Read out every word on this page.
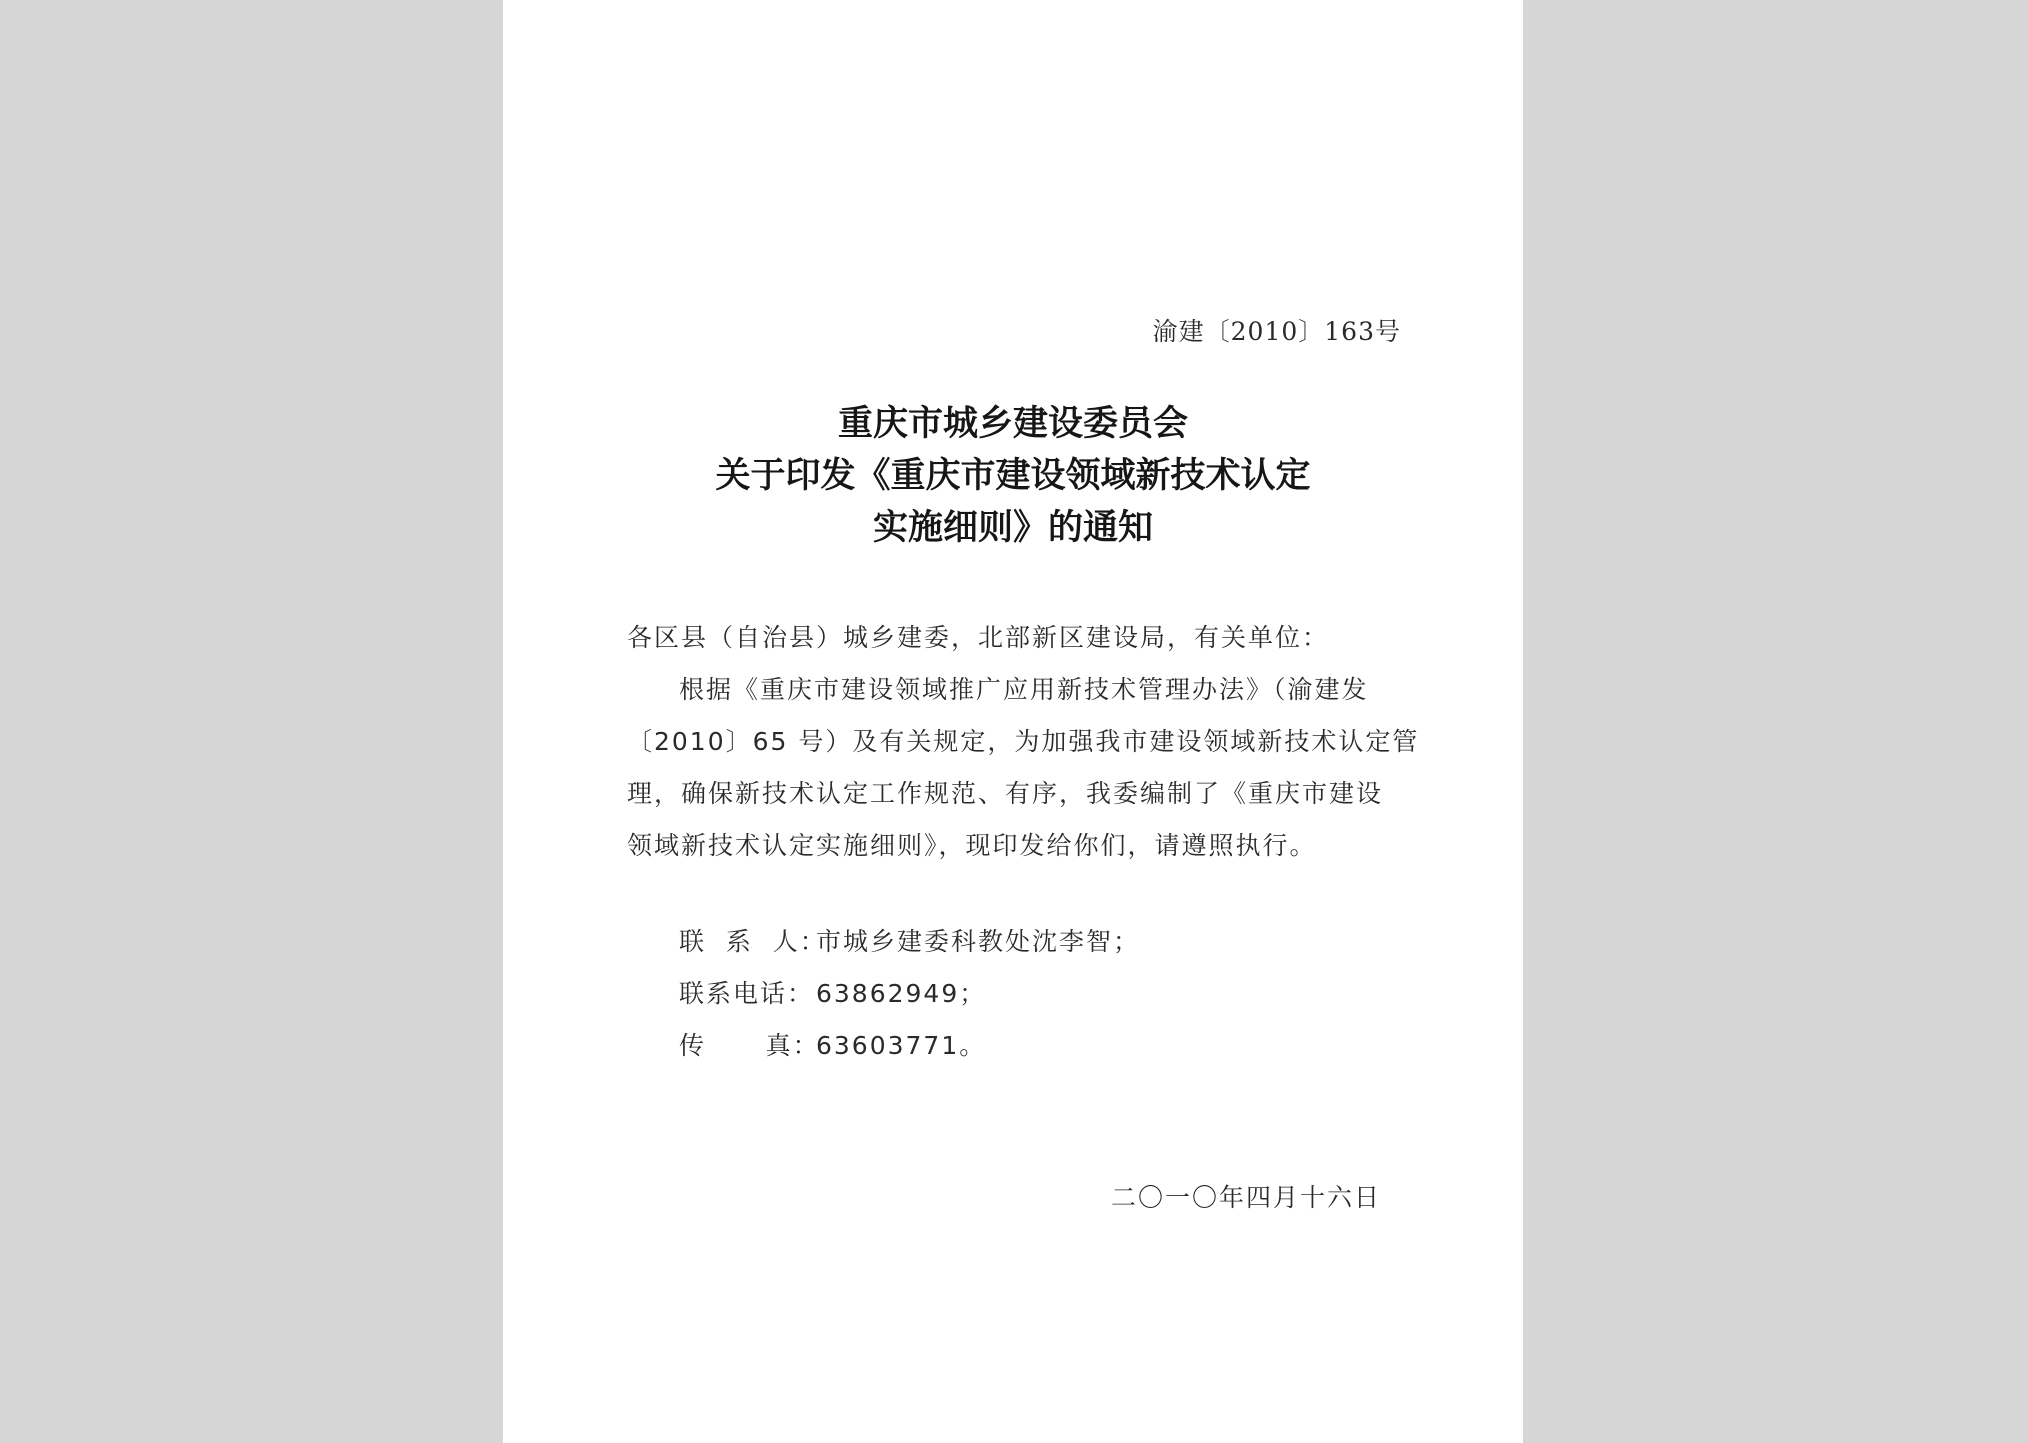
渝建〔2010〕163号
重庆市城乡建设委员会
关于印发《重庆市建设领域新技术认定
实施细则》的通知
各区县（自治县）城乡建委，北部新区建设局，有关单位：
根据《重庆市建设领域推广应用新技术管理办法》（渝建发
〔2010〕65 号）及有关规定，为加强我市建设领域新技术认定管
理，确保新技术认定工作规范、有序，我委编制了《重庆市建设
领域新技术认定实施细则》，现印发给你们，请遵照执行。
联  系  人：市城乡建委科教处沈李智；
联系电话：63862949；
传      真：63603771。
二〇一〇年四月十六日
